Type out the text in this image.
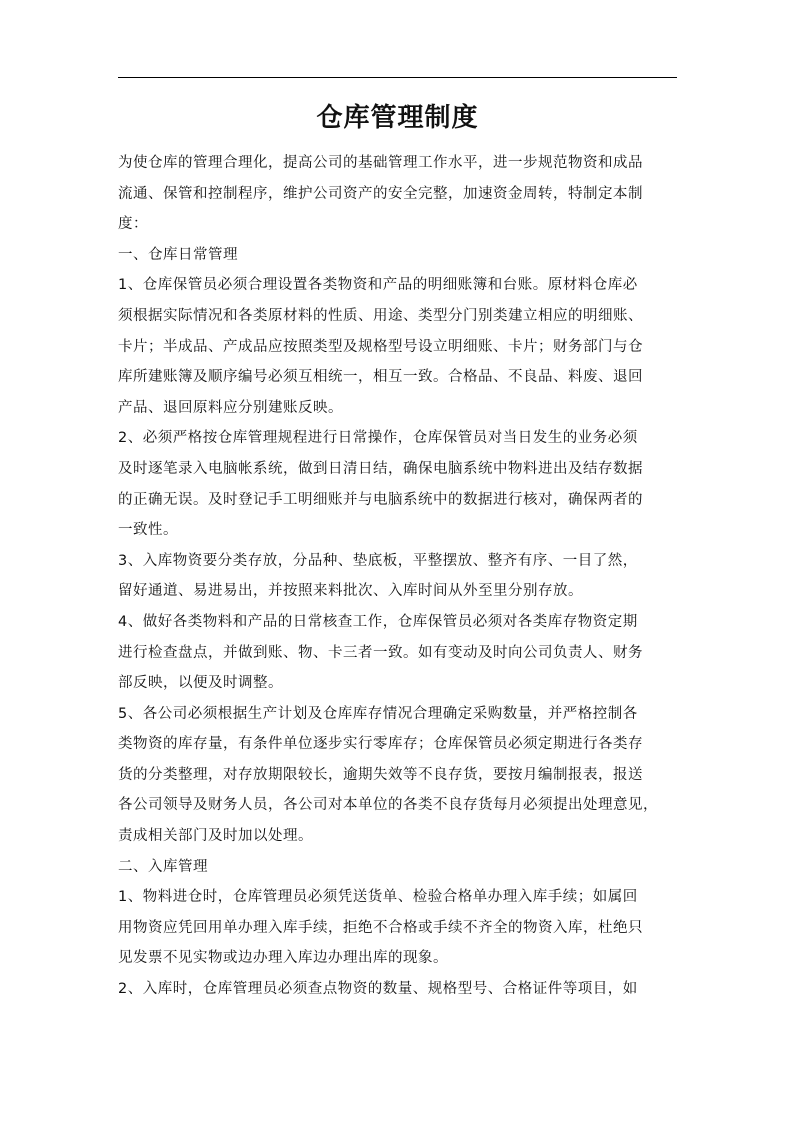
仓库管理制度

为使仓库的管理合理化，提高公司的基础管理工作水平，进一步规范物资和成品
流通、保管和控制程序，维护公司资产的安全完整，加速资金周转，特制定本制
度：

一、仓库日常管理

1、仓库保管员必须合理设置各类物资和产品的明细账簿和台账。原材料仓库必
须根据实际情况和各类原材料的性质、用途、类型分门别类建立相应的明细账、
卡片；半成品、产成品应按照类型及规格型号设立明细账、卡片；财务部门与仓
库所建账簿及顺序编号必须互相统一，相互一致。合格品、不良品、料废、退回
产品、退回原料应分别建账反映。

2、必须严格按仓库管理规程进行日常操作，仓库保管员对当日发生的业务必须
及时逐笔录入电脑帐系统，做到日清日结，确保电脑系统中物料进出及结存数据
的正确无误。及时登记手工明细账并与电脑系统中的数据进行核对，确保两者的
一致性。

3、入库物资要分类存放，分品种、垫底板，平整摆放、整齐有序、一目了然，
留好通道、易进易出，并按照来料批次、入库时间从外至里分别存放。

4、做好各类物料和产品的日常核查工作，仓库保管员必须对各类库存物资定期
进行检查盘点，并做到账、物、卡三者一致。如有变动及时向公司负责人、财务
部反映，以便及时调整。

5、各公司必须根据生产计划及仓库库存情况合理确定采购数量，并严格控制各
类物资的库存量，有条件单位逐步实行零库存；仓库保管员必须定期进行各类存
货的分类整理，对存放期限较长，逾期失效等不良存货，要按月编制报表，报送
各公司领导及财务人员，各公司对本单位的各类不良存货每月必须提出处理意见，
责成相关部门及时加以处理。

二、入库管理

1、物料进仓时，仓库管理员必须凭送货单、检验合格单办理入库手续；如属回
用物资应凭回用单办理入库手续，拒绝不合格或手续不齐全的物资入库，杜绝只
见发票不见实物或边办理入库边办理出库的现象。

2、入库时，仓库管理员必须查点物资的数量、规格型号、合格证件等项目，如
